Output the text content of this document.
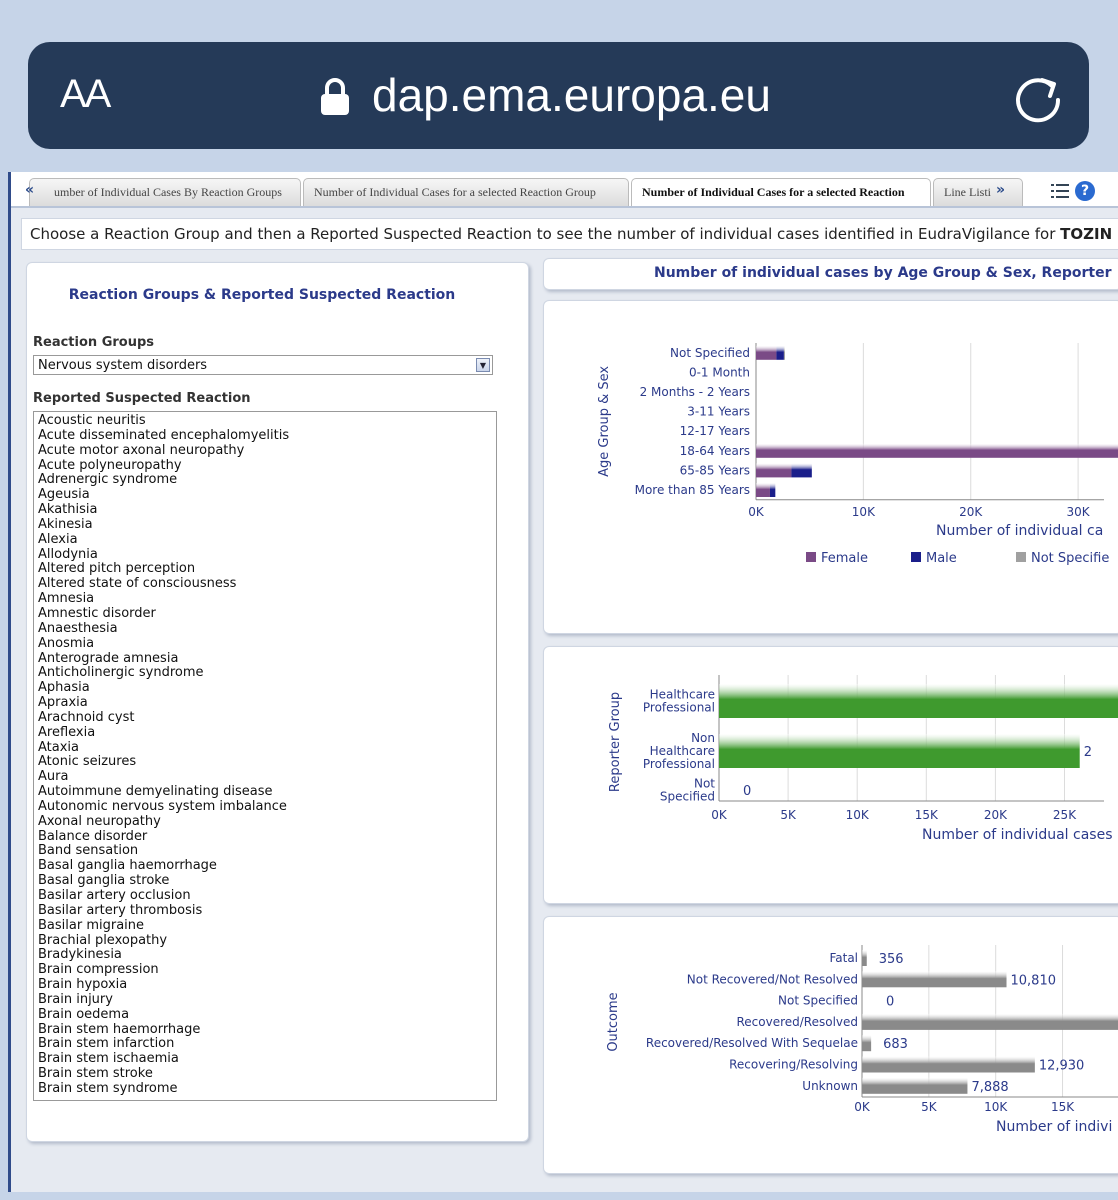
AA	dap.ema.europa.eu
«	umber of Individual Cases By Reaction Groups	Number of Individual Cases for a selected Reaction Group	Number of Individual Cases for a selected Reaction	Line Listi »	?
Choose a Reaction Group and then a Reported Suspected Reaction to see the number of individual cases identified in EudraVigilance for TOZIN
Reaction Groups & Reported Suspected Reaction
Reaction Groups
Nervous system disorders	▼
Reported Suspected Reaction
Acoustic neuritis
Acute disseminated encephalomyelitis
Acute motor axonal neuropathy
Acute polyneuropathy
Adrenergic syndrome
Ageusia
Akathisia
Akinesia
Alexia
Allodynia
Altered pitch perception
Altered state of consciousness
Amnesia
Amnestic disorder
Anaesthesia
Anosmia
Anterograde amnesia
Anticholinergic syndrome
Aphasia
Apraxia
Arachnoid cyst
Areflexia
Ataxia
Atonic seizures
Aura
Autoimmune demyelinating disease
Autonomic nervous system imbalance
Axonal neuropathy
Balance disorder
Band sensation
Basal ganglia haemorrhage
Basal ganglia stroke
Basilar artery occlusion
Basilar artery thrombosis
Basilar migraine
Brachial plexopathy
Bradykinesia
Brain compression
Brain hypoxia
Brain injury
Brain oedema
Brain stem haemorrhage
Brain stem infarction
Brain stem ischaemia
Brain stem stroke
Brain stem syndrome
Number of individual cases by Age Group & Sex, Reporter
0K	10K	20K	30K
Not Specified
0-1 Month
2 Months - 2 Years
3-11 Years
12-17 Years
18-64 Years
65-85 Years
More than 85 Years
Age Group & Sex
Number of individual ca
Female	Male	Not Specifie
0K	5K	10K	15K	20K	25K
Healthcare Professional
Non Healthcare Professional
2
Not Specified 0
Reporter Group
Number of individual cases
0K	5K	10K	15K
Fatal 356
Not Recovered/Not Resolved	10,810
Not Specified 0
Recovered/Resolved
Recovered/Resolved With Sequelae 683
Recovering/Resolving	12,930
Unknown	7,888
Outcome
Number of indivi
